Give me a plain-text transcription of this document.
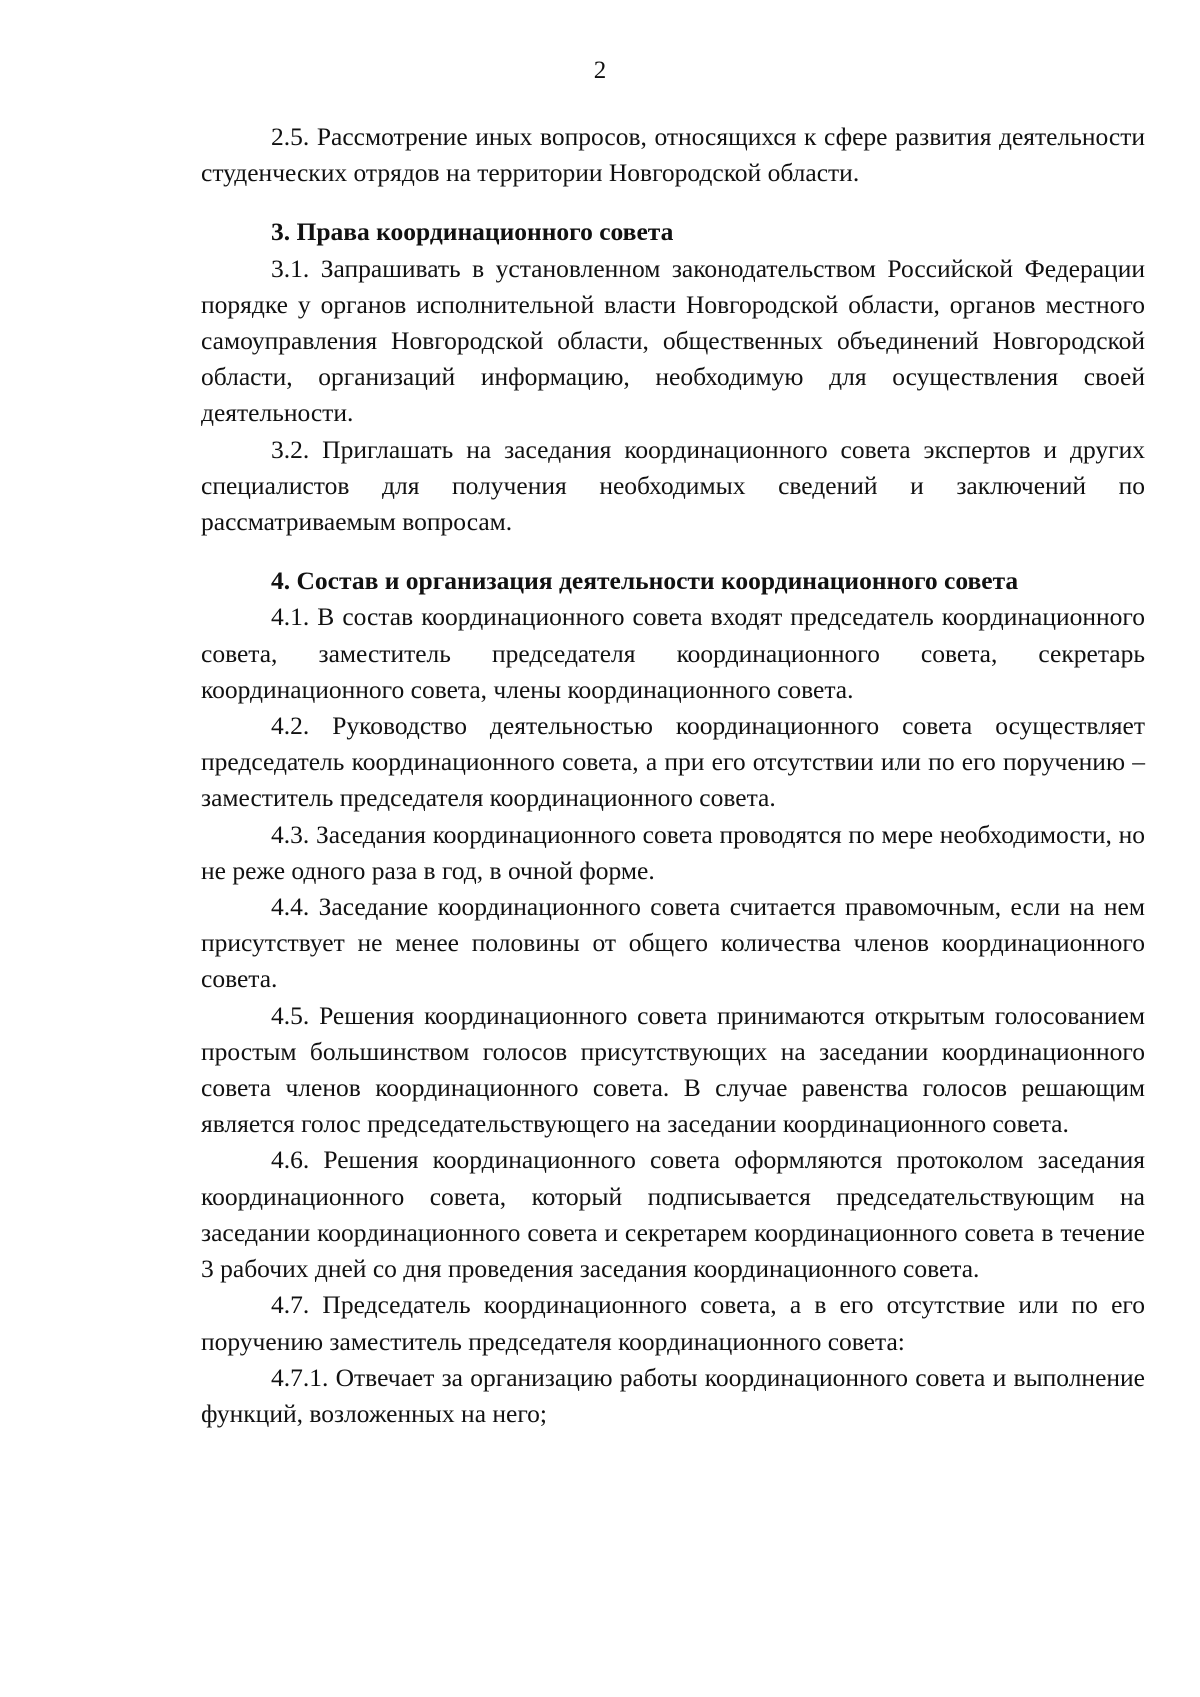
2

2.5. Рассмотрение иных вопросов, относящихся к сфере развития деятельности студенческих отрядов на территории Новгородской области.

3. Права координационного совета

3.1. Запрашивать в установленном законодательством Российской Федерации порядке у органов исполнительной власти Новгородской области, органов местного самоуправления Новгородской области, общественных объединений Новгородской области, организаций информацию, необходимую для осуществления своей деятельности.

3.2. Приглашать на заседания координационного совета экспертов и других специалистов для получения необходимых сведений и заключений по рассматриваемым вопросам.

4. Состав и организация деятельности координационного совета

4.1. В состав координационного совета входят председатель координационного совета, заместитель председателя координационного совета, секретарь координационного совета, члены координационного совета.

4.2. Руководство деятельностью координационного совета осуществляет председатель координационного совета, а при его отсутствии или по его поручению – заместитель председателя координационного совета.

4.3. Заседания координационного совета проводятся по мере необходимости, но не реже одного раза в год, в очной форме.

4.4. Заседание координационного совета считается правомочным, если на нем присутствует не менее половины от общего количества членов координационного совета.

4.5. Решения координационного совета принимаются открытым голосованием простым большинством голосов присутствующих на заседании координационного совета членов координационного совета. В случае равенства голосов решающим является голос председательствующего на заседании координационного совета.

4.6. Решения координационного совета оформляются протоколом заседания координационного совета, который подписывается председательствующим на заседании координационного совета и секретарем координационного совета в течение 3 рабочих дней со дня проведения заседания координационного совета.

4.7. Председатель координационного совета, а в его отсутствие или по его поручению заместитель председателя координационного совета:

4.7.1. Отвечает за организацию работы координационного совета и выполнение функций, возложенных на него;
